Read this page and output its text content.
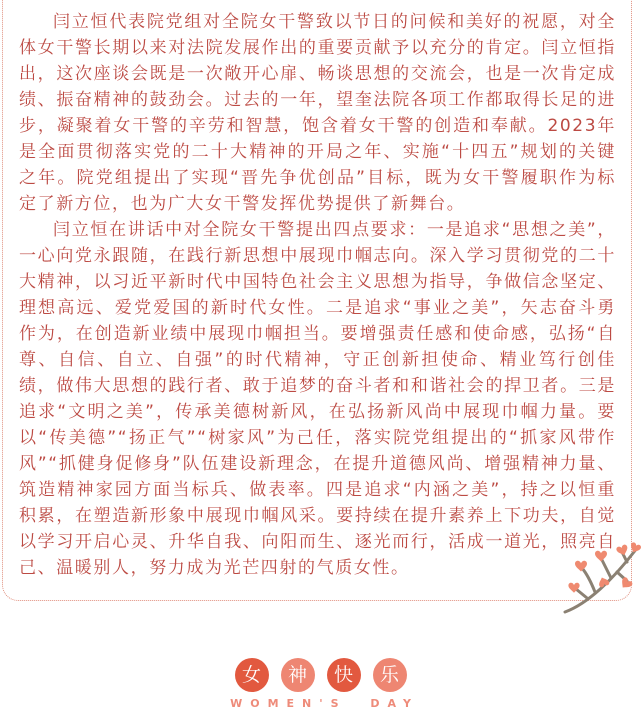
闫立恒代表院党组对全院女干警致以节日的问候和美好的祝愿，对全体女干警长期以来对法院发展作出的重要贡献予以充分的肯定。闫立恒指出，这次座谈会既是一次敞开心扉、畅谈思想的交流会，也是一次肯定成绩、振奋精神的鼓劲会。过去的一年，望奎法院各项工作都取得长足的进步，凝聚着女干警的辛劳和智慧，饱含着女干警的创造和奉献。2023年是全面贯彻落实党的二十大精神的开局之年、实施“十四五”规划的关键之年。院党组提出了实现“晋先争优创品”目标，既为女干警履职作为标定了新方位，也为广大女干警发挥优势提供了新舞台。

闫立恒在讲话中对全院女干警提出四点要求：一是追求“思想之美”，一心向党永跟随，在践行新思想中展现巾帼志向。深入学习贯彻党的二十大精神，以习近平新时代中国特色社会主义思想为指导，争做信念坚定、理想高远、爱党爱国的新时代女性。二是追求“事业之美”，矢志奋斗勇作为，在创造新业绩中展现巾帼担当。要增强责任感和使命感，弘扬“自尊、自信、自立、自强”的时代精神，守正创新担使命、精业笃行创佳绩，做伟大思想的践行者、敢于追梦的奋斗者和和谐社会的捍卫者。三是追求“文明之美”，传承美德树新风，在弘扬新风尚中展现巾帼力量。要以“传美德”“扬正气”“树家风”为己任，落实院党组提出的“抓家风带作风”“抓健身促修身”队伍建设新理念，在提升道德风尚、增强精神力量、筑造精神家园方面当标兵、做表率。四是追求“内涵之美”，持之以恒重积累，在塑造新形象中展现巾帼风采。要持续在提升素养上下功夫，自觉以学习开启心灵、升华自我、向阳而生、逐光而行，活成一道光，照亮自己、温暖别人，努力成为光芒四射的气质女性。

女	神	快	乐
WOMEN'S DAY
